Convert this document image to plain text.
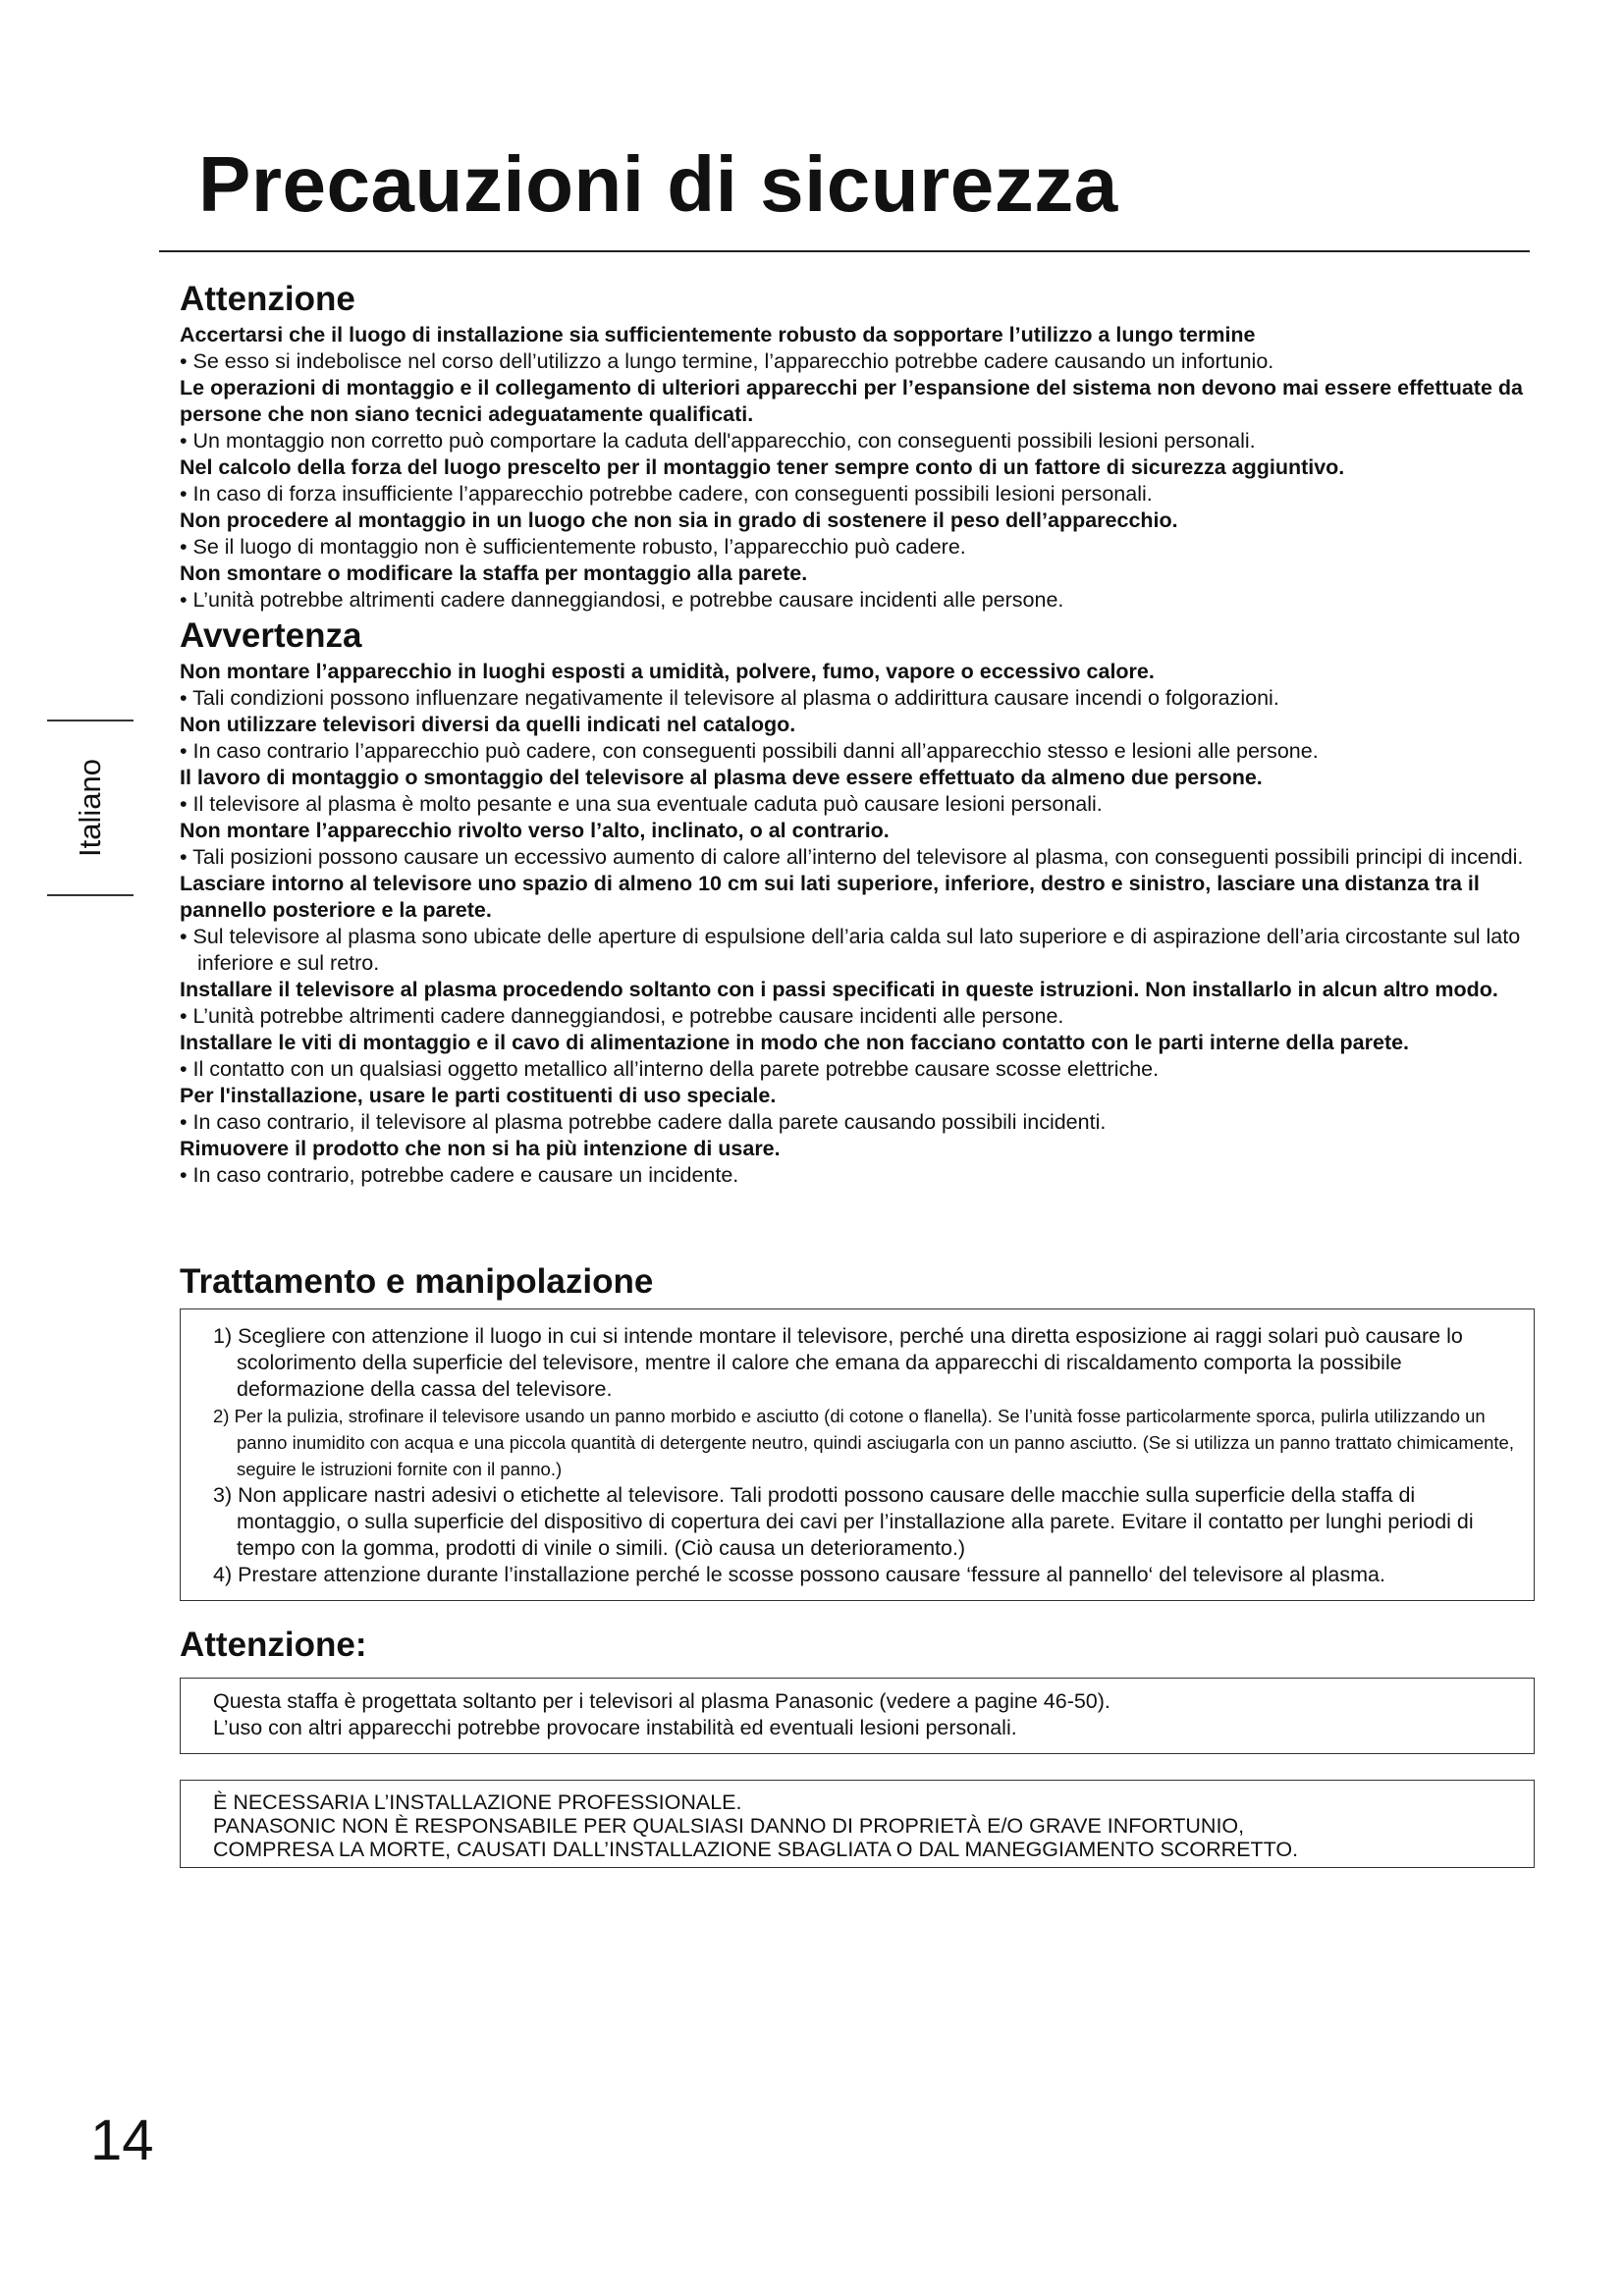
Precauzioni di sicurezza
Italiano
Attenzione

Accertarsi che il luogo di installazione sia sufficientemente robusto da sopportare l’utilizzo a lungo termine

• Se esso si indebolisce nel corso dell’utilizzo a lungo termine, l’apparecchio potrebbe cadere causando un infortunio.

Le operazioni di montaggio e il collegamento di ulteriori apparecchi per l’espansione del sistema non devono mai essere effettuate da persone che non siano tecnici adeguatamente qualificati.

• Un montaggio non corretto può comportare la caduta dell'apparecchio, con conseguenti possibili lesioni personali.

Nel calcolo della forza del luogo prescelto per il montaggio tener sempre conto di un fattore di sicurezza aggiuntivo.

• In caso di forza insufficiente l’apparecchio potrebbe cadere, con conseguenti possibili lesioni personali.

Non procedere al montaggio in un luogo che non sia in grado di sostenere il peso dell’apparecchio.

• Se il luogo di montaggio non è sufficientemente robusto, l’apparecchio può cadere.

Non smontare o modificare la staffa per montaggio alla parete.

• L’unità potrebbe altrimenti cadere danneggiandosi, e potrebbe causare incidenti alle persone.

Avvertenza

Non montare l’apparecchio in luoghi esposti a umidità, polvere, fumo, vapore o eccessivo calore.

• Tali condizioni possono influenzare negativamente il televisore al plasma o addirittura causare incendi o folgorazioni.

Non utilizzare televisori diversi da quelli indicati nel catalogo.

• In caso contrario l’apparecchio può cadere, con conseguenti possibili danni all’apparecchio stesso e lesioni alle persone.

Il lavoro di montaggio o smontaggio del televisore al plasma deve essere effettuato da almeno due persone.

• Il televisore al plasma è molto pesante e una sua eventuale caduta può causare lesioni personali.

Non montare l’apparecchio rivolto verso l’alto, inclinato, o al contrario.

• Tali posizioni possono causare un eccessivo aumento di calore all’interno del televisore al plasma, con conseguenti possibili principi di incendi.

Lasciare intorno al televisore uno spazio di almeno 10 cm sui lati superiore, inferiore, destro e sinistro, lasciare una distanza tra il pannello posteriore e la parete.

• Sul televisore al plasma sono ubicate delle aperture di espulsione dell’aria calda sul lato superiore e di aspirazione dell’aria circostante sul lato inferiore e sul retro.

Installare il televisore al plasma procedendo soltanto con i passi specificati in queste istruzioni. Non installarlo in alcun altro modo.

• L’unità potrebbe altrimenti cadere danneggiandosi, e potrebbe causare incidenti alle persone.

Installare le viti di montaggio e il cavo di alimentazione in modo che non facciano contatto con le parti interne della parete.

• Il contatto con un qualsiasi oggetto metallico all’interno della parete potrebbe causare scosse elettriche.

Per l'installazione, usare le parti costituenti di uso speciale.

• In caso contrario, il televisore al plasma potrebbe cadere dalla parete causando possibili incidenti.

Rimuovere il prodotto che non si ha più intenzione di usare.

• In caso contrario, potrebbe cadere e causare un incidente.

Trattamento e manipolazione

1) Scegliere con attenzione il luogo in cui si intende montare il televisore, perché una diretta esposizione ai raggi solari può causare lo scolorimento della superficie del televisore, mentre il calore che emana da apparecchi di riscaldamento comporta la possibile deformazione della cassa del televisore.

2) Per la pulizia, strofinare il televisore usando un panno morbido e asciutto (di cotone o flanella). Se l’unità fosse particolarmente sporca, pulirla utilizzando un panno inumidito con acqua e una piccola quantità di detergente neutro, quindi asciugarla con un panno asciutto. (Se si utilizza un panno trattato chimicamente, seguire le istruzioni fornite con il panno.)

3) Non applicare nastri adesivi o etichette al televisore. Tali prodotti possono causare delle macchie sulla superficie della staffa di montaggio, o sulla superficie del dispositivo di copertura dei cavi per l’installazione alla parete. Evitare il contatto per lunghi periodi di tempo con la gomma, prodotti di vinile o simili. (Ciò causa un deterioramento.)

4) Prestare attenzione durante l’installazione perché le scosse possono causare ‘fessure al pannello‘ del televisore al plasma.

Attenzione:

Questa staffa è progettata soltanto per i televisori al plasma Panasonic (vedere a pagine 46-50).

L’uso con altri apparecchi potrebbe provocare instabilità ed eventuali lesioni personali.

È NECESSARIA L’INSTALLAZIONE PROFESSIONALE.

PANASONIC NON È RESPONSABILE PER QUALSIASI DANNO DI PROPRIETÀ E/O GRAVE INFORTUNIO,

COMPRESA LA MORTE, CAUSATI DALL’INSTALLAZIONE SBAGLIATA O DAL MANEGGIAMENTO SCORRETTO.

14
